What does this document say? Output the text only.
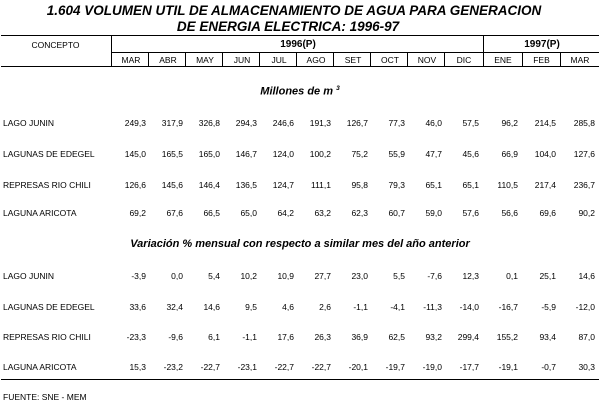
1.604 VOLUMEN UTIL DE ALMACENAMIENTO DE AGUA PARA GENERACION
DE ENERGIA ELECTRICA: 1996-97
CONCEPTO	1996(P)	1997(P)
MAR	ABR	MAY	JUN	JUL	AGO	SET	OCT	NOV	DIC	ENE	FEB	MAR
Millones de m $^3$
LAGO JUNIN	249,3	317,9	326,8	294,3	246,6	191,3	126,7	77,3	46,0	57,5	96,2	214,5	285,8
LAGUNAS DE EDEGEL	145,0	165,5	165,0	146,7	124,0	100,2	75,2	55,9	47,7	45,6	66,9	104,0	127,6
REPRESAS RIO CHILI	126,6	145,6	146,4	136,5	124,7	111,1	95,8	79,3	65,1	65,1	110,5	217,4	236,7
LAGUNA ARICOTA	69,2	67,6	66,5	65,0	64,2	63,2	62,3	60,7	59,0	57,6	56,6	69,6	90,2
Variación % mensual con respecto a similar mes del año anterior
LAGO JUNIN	-3,9	0,0	5,4	10,2	10,9	27,7	23,0	5,5	-7,6	12,3	0,1	25,1	14,6
LAGUNAS DE EDEGEL	33,6	32,4	14,6	9,5	4,6	2,6	-1,1	-4,1	-11,3	-14,0	-16,7	-5,9	-12,0
REPRESAS RIO CHILI	-23,3	-9,6	6,1	-1,1	17,6	26,3	36,9	62,5	93,2	299,4	155,2	93,4	87,0
LAGUNA ARICOTA	15,3	-23,2	-22,7	-23,1	-22,7	-22,7	-20,1	-19,7	-19,0	-17,7	-19,1	-0,7	30,3
FUENTE: SNE - MEM
